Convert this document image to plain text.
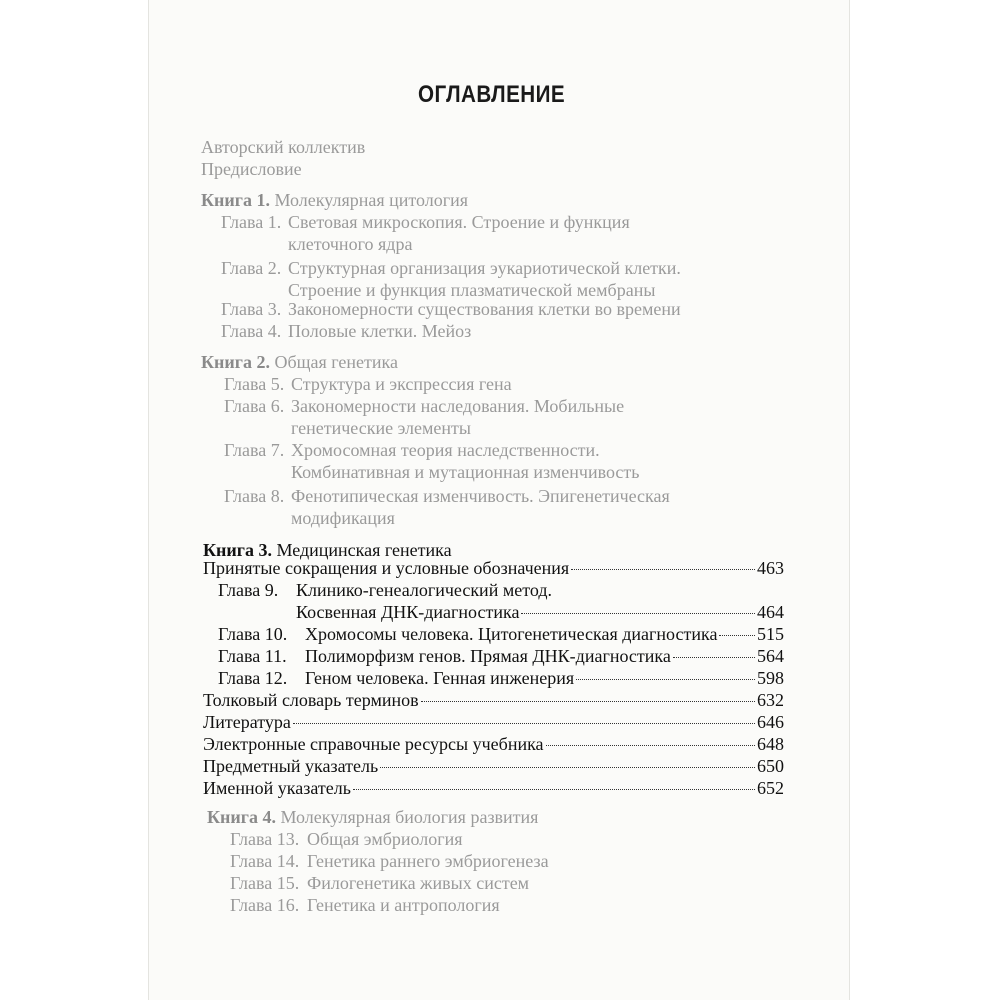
ОГЛАВЛЕНИЕ
Авторский коллектив
Предисловие
Книга 1. Молекулярная цитология
Глава 1. Световая микроскопия. Строение и функция
клеточного ядра
Глава 2. Структурная организация эукариотической клетки.
Строение и функция плазматической мембраны
Глава 3. Закономерности существования клетки во времени
Глава 4. Половые клетки. Мейоз
Книга 2. Общая генетика
Глава 5. Структура и экспрессия гена
Глава 6. Закономерности наследования. Мобильные
генетические элементы
Глава 7. Хромосомная теория наследственности.
Комбинативная и мутационная изменчивость
Глава 8. Фенотипическая изменчивость. Эпигенетическая
модификация
Книга 3. Медицинская генетика
Принятые сокращения и условные обозначения	463
Глава 9. Клинико-генеалогический метод.
Косвенная ДНК-диагностика	464
Глава 10. Хромосомы человека. Цитогенетическая диагностика 515
Глава 11. Полиморфизм генов. Прямая ДНК-диагностика	564
Глава 12. Геном человека. Генная инженерия	598
Толковый словарь терминов	632
Литература	646
Электронные справочные ресурсы учебника	648
Предметный указатель	650
Именной указатель	652
Книга 4. Молекулярная биология развития
Глава 13. Общая эмбриология
Глава 14. Генетика раннего эмбриогенеза
Глава 15. Филогенетика живых систем
Глава 16. Генетика и антропология
